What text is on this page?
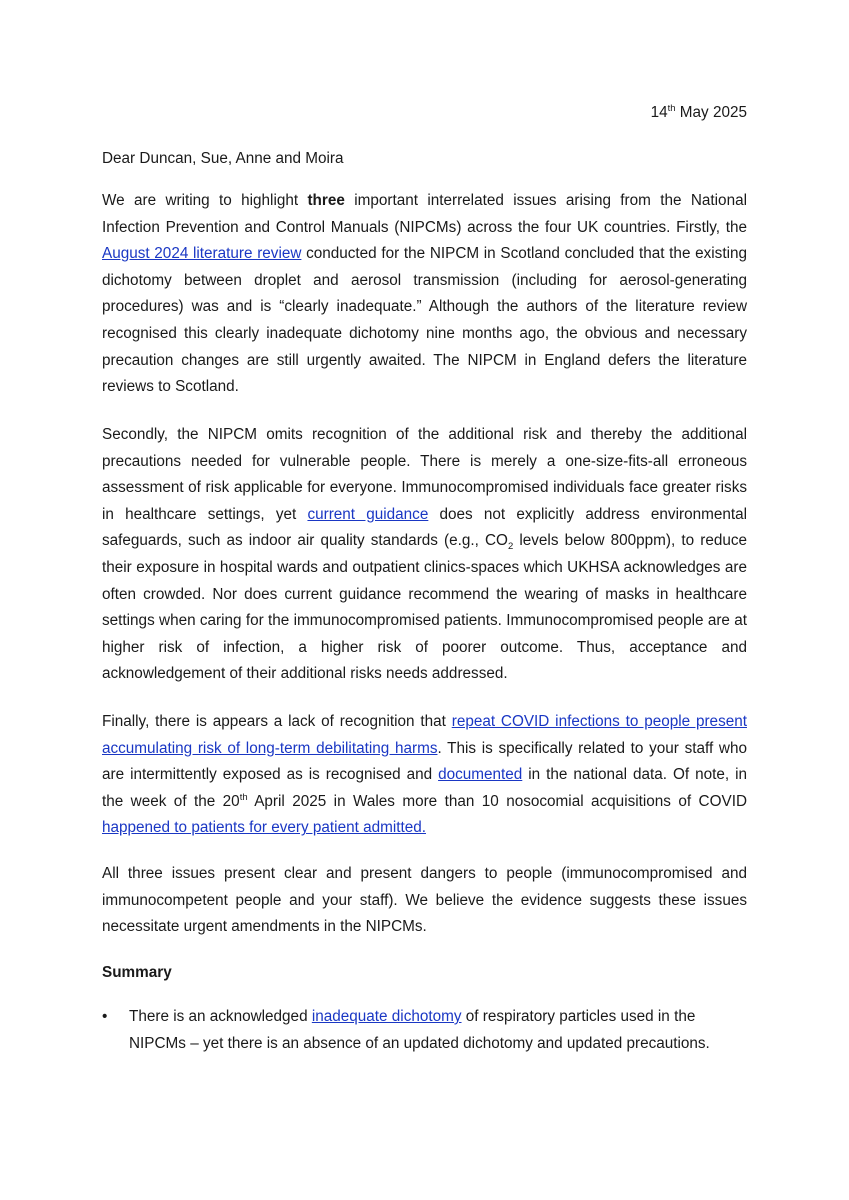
14th May 2025
Dear Duncan, Sue, Anne and Moira

We are writing to highlight three important interrelated issues arising from the National Infection Prevention and Control Manuals (NIPCMs) across the four UK countries. Firstly, the August 2024 literature review conducted for the NIPCM in Scotland concluded that the existing dichotomy between droplet and aerosol transmission (including for aerosol-generating procedures) was and is “clearly inadequate.” Although the authors of the literature review recognised this clearly inadequate dichotomy nine months ago, the obvious and necessary precaution changes are still urgently awaited. The NIPCM in England defers the literature reviews to Scotland.

Secondly, the NIPCM omits recognition of the additional risk and thereby the additional precautions needed for vulnerable people. There is merely a one-size-fits-all erroneous assessment of risk applicable for everyone. Immunocompromised individuals face greater risks in healthcare settings, yet current guidance does not explicitly address environmental safeguards, such as indoor air quality standards (e.g., $CO_2$ levels below 800ppm), to reduce their exposure in hospital wards and outpatient clinics-spaces which UKHSA acknowledges are often crowded. Nor does current guidance recommend the wearing of masks in healthcare settings when caring for the immunocompromised patients. Immunocompromised people are at higher risk of infection, a higher risk of poorer outcome. Thus, acceptance and acknowledgement of their additional risks needs addressed.

Finally, there is appears a lack of recognition that repeat COVID infections to people present accumulating risk of long-term debilitating harms. This is specifically related to your staff who are intermittently exposed as is recognised and documented in the national data. Of note, in the week of the 20th April 2025 in Wales more than 10 nosocomial acquisitions of COVID happened to patients for every patient admitted.

All three issues present clear and present dangers to people (immunocompromised and immunocompetent people and your staff). We believe the evidence suggests these issues necessitate urgent amendments in the NIPCMs.

Summary
• There is an acknowledged inadequate dichotomy of respiratory particles used in the NIPCMs – yet there is an absence of an updated dichotomy and updated precautions.
